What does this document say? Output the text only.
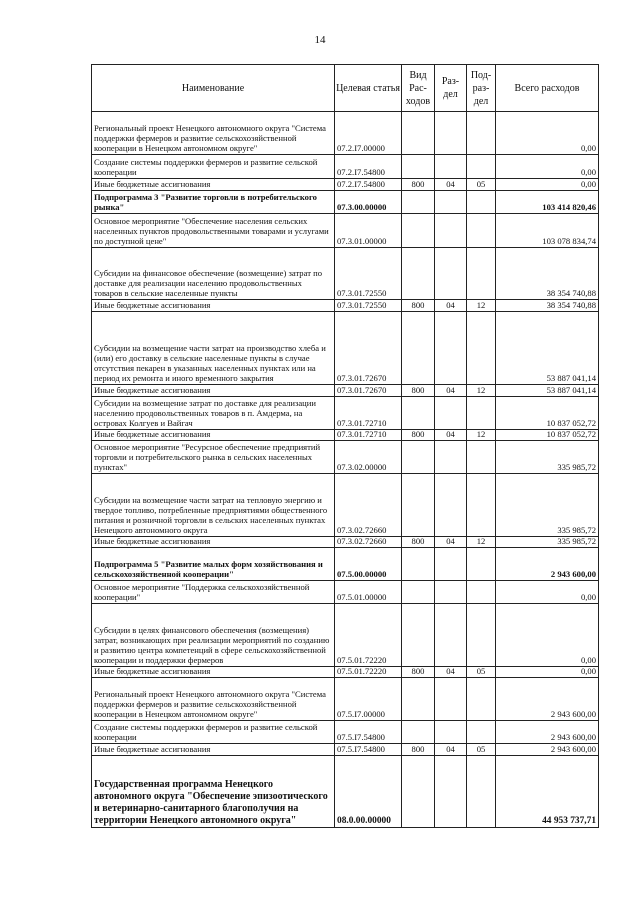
14
Наименование	Целевая статья	Вид Рас-ходов	Раз-дел	Под-раз-дел	Всего расходов
Региональный проект Ненецкого автономного округа "Система поддержки фермеров и развитие сельскохозяйственной кооперации в Ненецком автономном округе"	07.2.I7.00000				0,00
Создание системы поддержки фермеров и развитие сельской кооперации	07.2.I7.54800				0,00
Иные бюджетные ассигнования	07.2.I7.54800	800	04	05	0,00
Подпрограмма 3 "Развитие торговли в потребительского рынка"	07.3.00.00000				103 414 820,46
Основное мероприятие "Обеспечение населения сельских населенных пунктов продовольственными товарами и услугами по доступной цене"	07.3.01.00000				103 078 834,74
Субсидии на финансовое обеспечение (возмещение) затрат по доставке для реализации населению продовольственных товаров в сельские населенные пункты	07.3.01.72550				38 354 740,88
Иные бюджетные ассигнования	07.3.01.72550	800	04	12	38 354 740,88
Субсидии на возмещение части затрат на производство хлеба и (или) его доставку в сельские населенные пункты в случае отсутствия пекарен в указанных населенных пунктах или на период их ремонта и иного временного закрытия	07.3.01.72670				53 887 041,14
Иные бюджетные ассигнования	07.3.01.72670	800	04	12	53 887 041,14
Субсидии на возмещение затрат по доставке для реализации населению продовольственных товаров в п. Амдерма, на островах Колгуев и Вайгач	07.3.01.72710				10 837 052,72
Иные бюджетные ассигнования	07.3.01.72710	800	04	12	10 837 052,72
Основное мероприятие "Ресурсное обеспечение предприятий торговли и потребительского рынка в сельских населенных пунктах"	07.3.02.00000				335 985,72
Субсидии на возмещение части затрат на тепловую энергию и твердое топливо, потребленные предприятиями общественного питания и розничной торговли в сельских населенных пунктах Ненецкого автономного округа	07.3.02.72660				335 985,72
Иные бюджетные ассигнования	07.3.02.72660	800	04	12	335 985,72
Подпрограмма 5 "Развитие малых форм хозяйствования и сельскохозяйственной кооперации"	07.5.00.00000				2 943 600,00
Основное мероприятие "Поддержка сельскохозяйственной кооперации"	07.5.01.00000				0,00
Субсидии в целях финансового обеспечения (возмещения) затрат, возникающих при реализации мероприятий по созданию и развитию центра компетенций в сфере сельскохозяйственной кооперации и поддержки фермеров	07.5.01.72220				0,00
Иные бюджетные ассигнования	07.5.01.72220	800	04	05	0,00
Региональный проект Ненецкого автономного округа "Система поддержки фермеров и развитие сельскохозяйственной кооперации в Ненецком автономном округе"	07.5.I7.00000				2 943 600,00
Создание системы поддержки фермеров и развитие сельской кооперации	07.5.I7.54800				2 943 600,00
Иные бюджетные ассигнования	07.5.I7.54800	800	04	05	2 943 600,00
Государственная программа Ненецкого автономного округа "Обеспечение эпизоотического и ветеринарно-санитарного благополучия на территории Ненецкого автономного округа"	08.0.00.00000				44 953 737,71
